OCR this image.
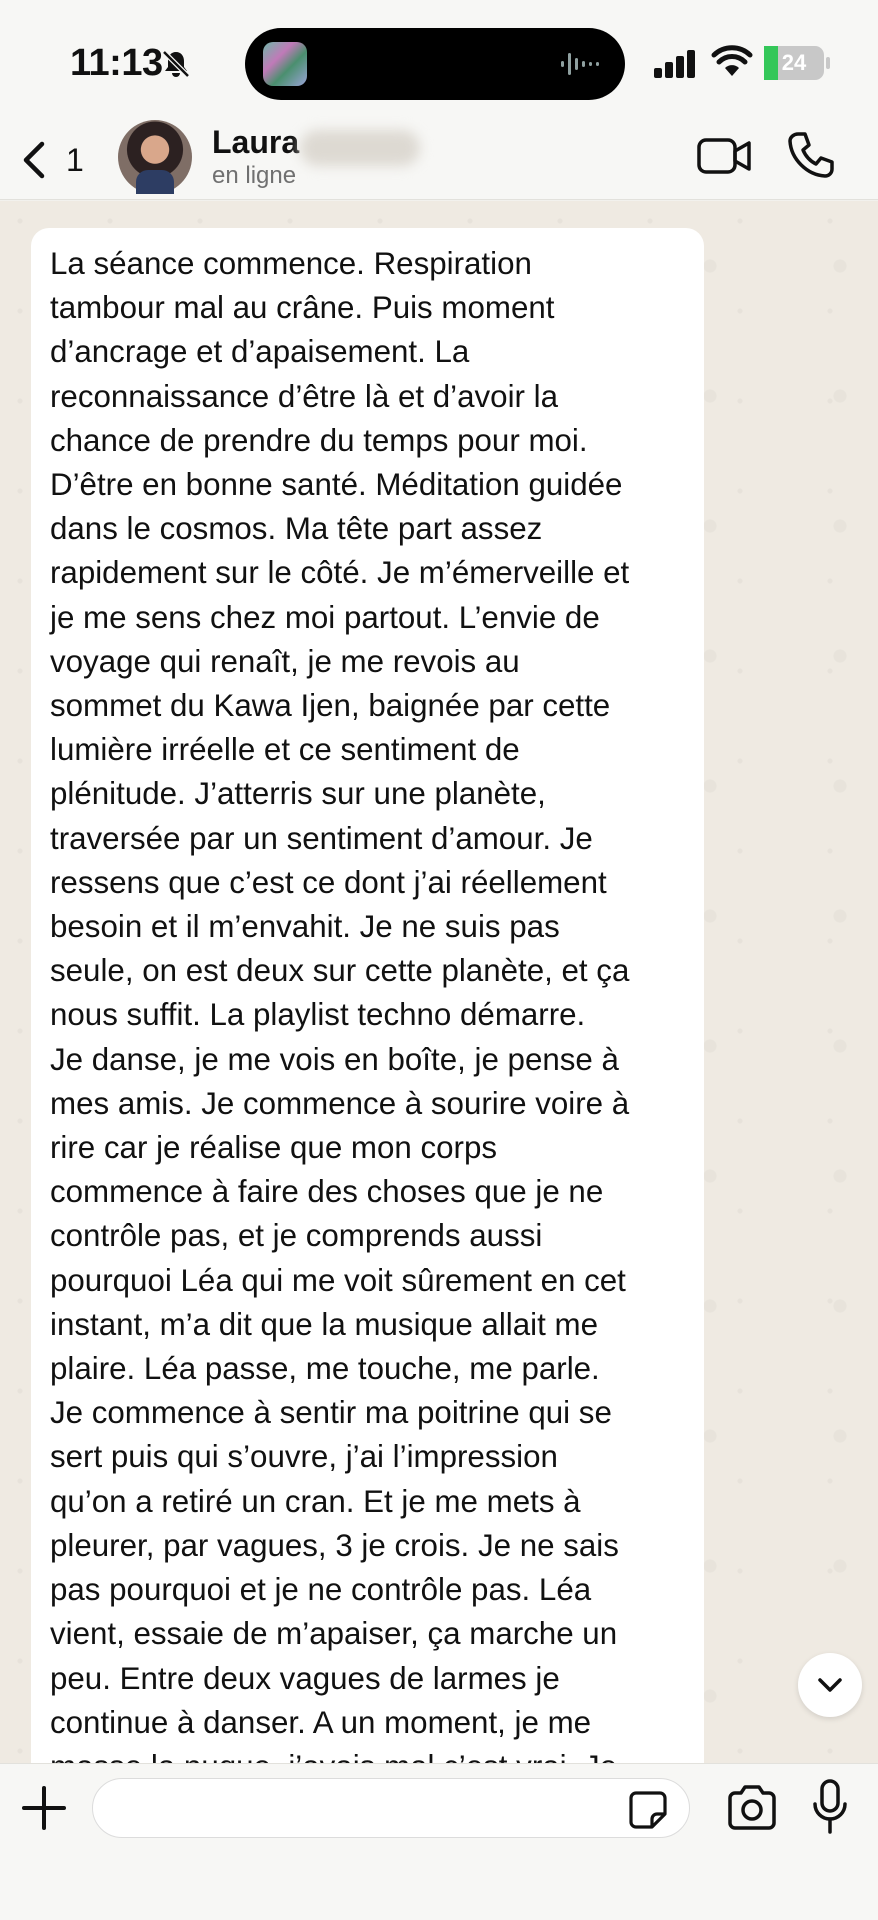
11:13	24
1	Laura
en ligne
La séance commence. Respiration
tambour mal au crâne. Puis moment
d’ancrage et d’apaisement. La
reconnaissance d’être là et d’avoir la
chance de prendre du temps pour moi.
D’être en bonne santé. Méditation guidée
dans le cosmos. Ma tête part assez
rapidement sur le côté. Je m’émerveille et
je me sens chez moi partout. L’envie de
voyage qui renaît, je me revois au
sommet du Kawa Ijen, baignée par cette
lumière irréelle et ce sentiment de
plénitude. J’atterris sur une planète,
traversée par un sentiment d’amour. Je
ressens que c’est ce dont j’ai réellement
besoin et il m’envahit. Je ne suis pas
seule, on est deux sur cette planète, et ça
nous suffit. La playlist techno démarre.
Je danse, je me vois en boîte, je pense à
mes amis. Je commence à sourire voire à
rire car je réalise que mon corps
commence à faire des choses que je ne
contrôle pas, et je comprends aussi
pourquoi Léa qui me voit sûrement en cet
instant, m’a dit que la musique allait me
plaire. Léa passe, me touche, me parle.
Je commence à sentir ma poitrine qui se
sert puis qui s’ouvre, j’ai l’impression
qu’on a retiré un cran. Et je me mets à
pleurer, par vagues, 3 je crois. Je ne sais
pas pourquoi et je ne contrôle pas. Léa
vient, essaie de m’apaiser, ça marche un
peu. Entre deux vagues de larmes je
continue à danser. A un moment, je me
